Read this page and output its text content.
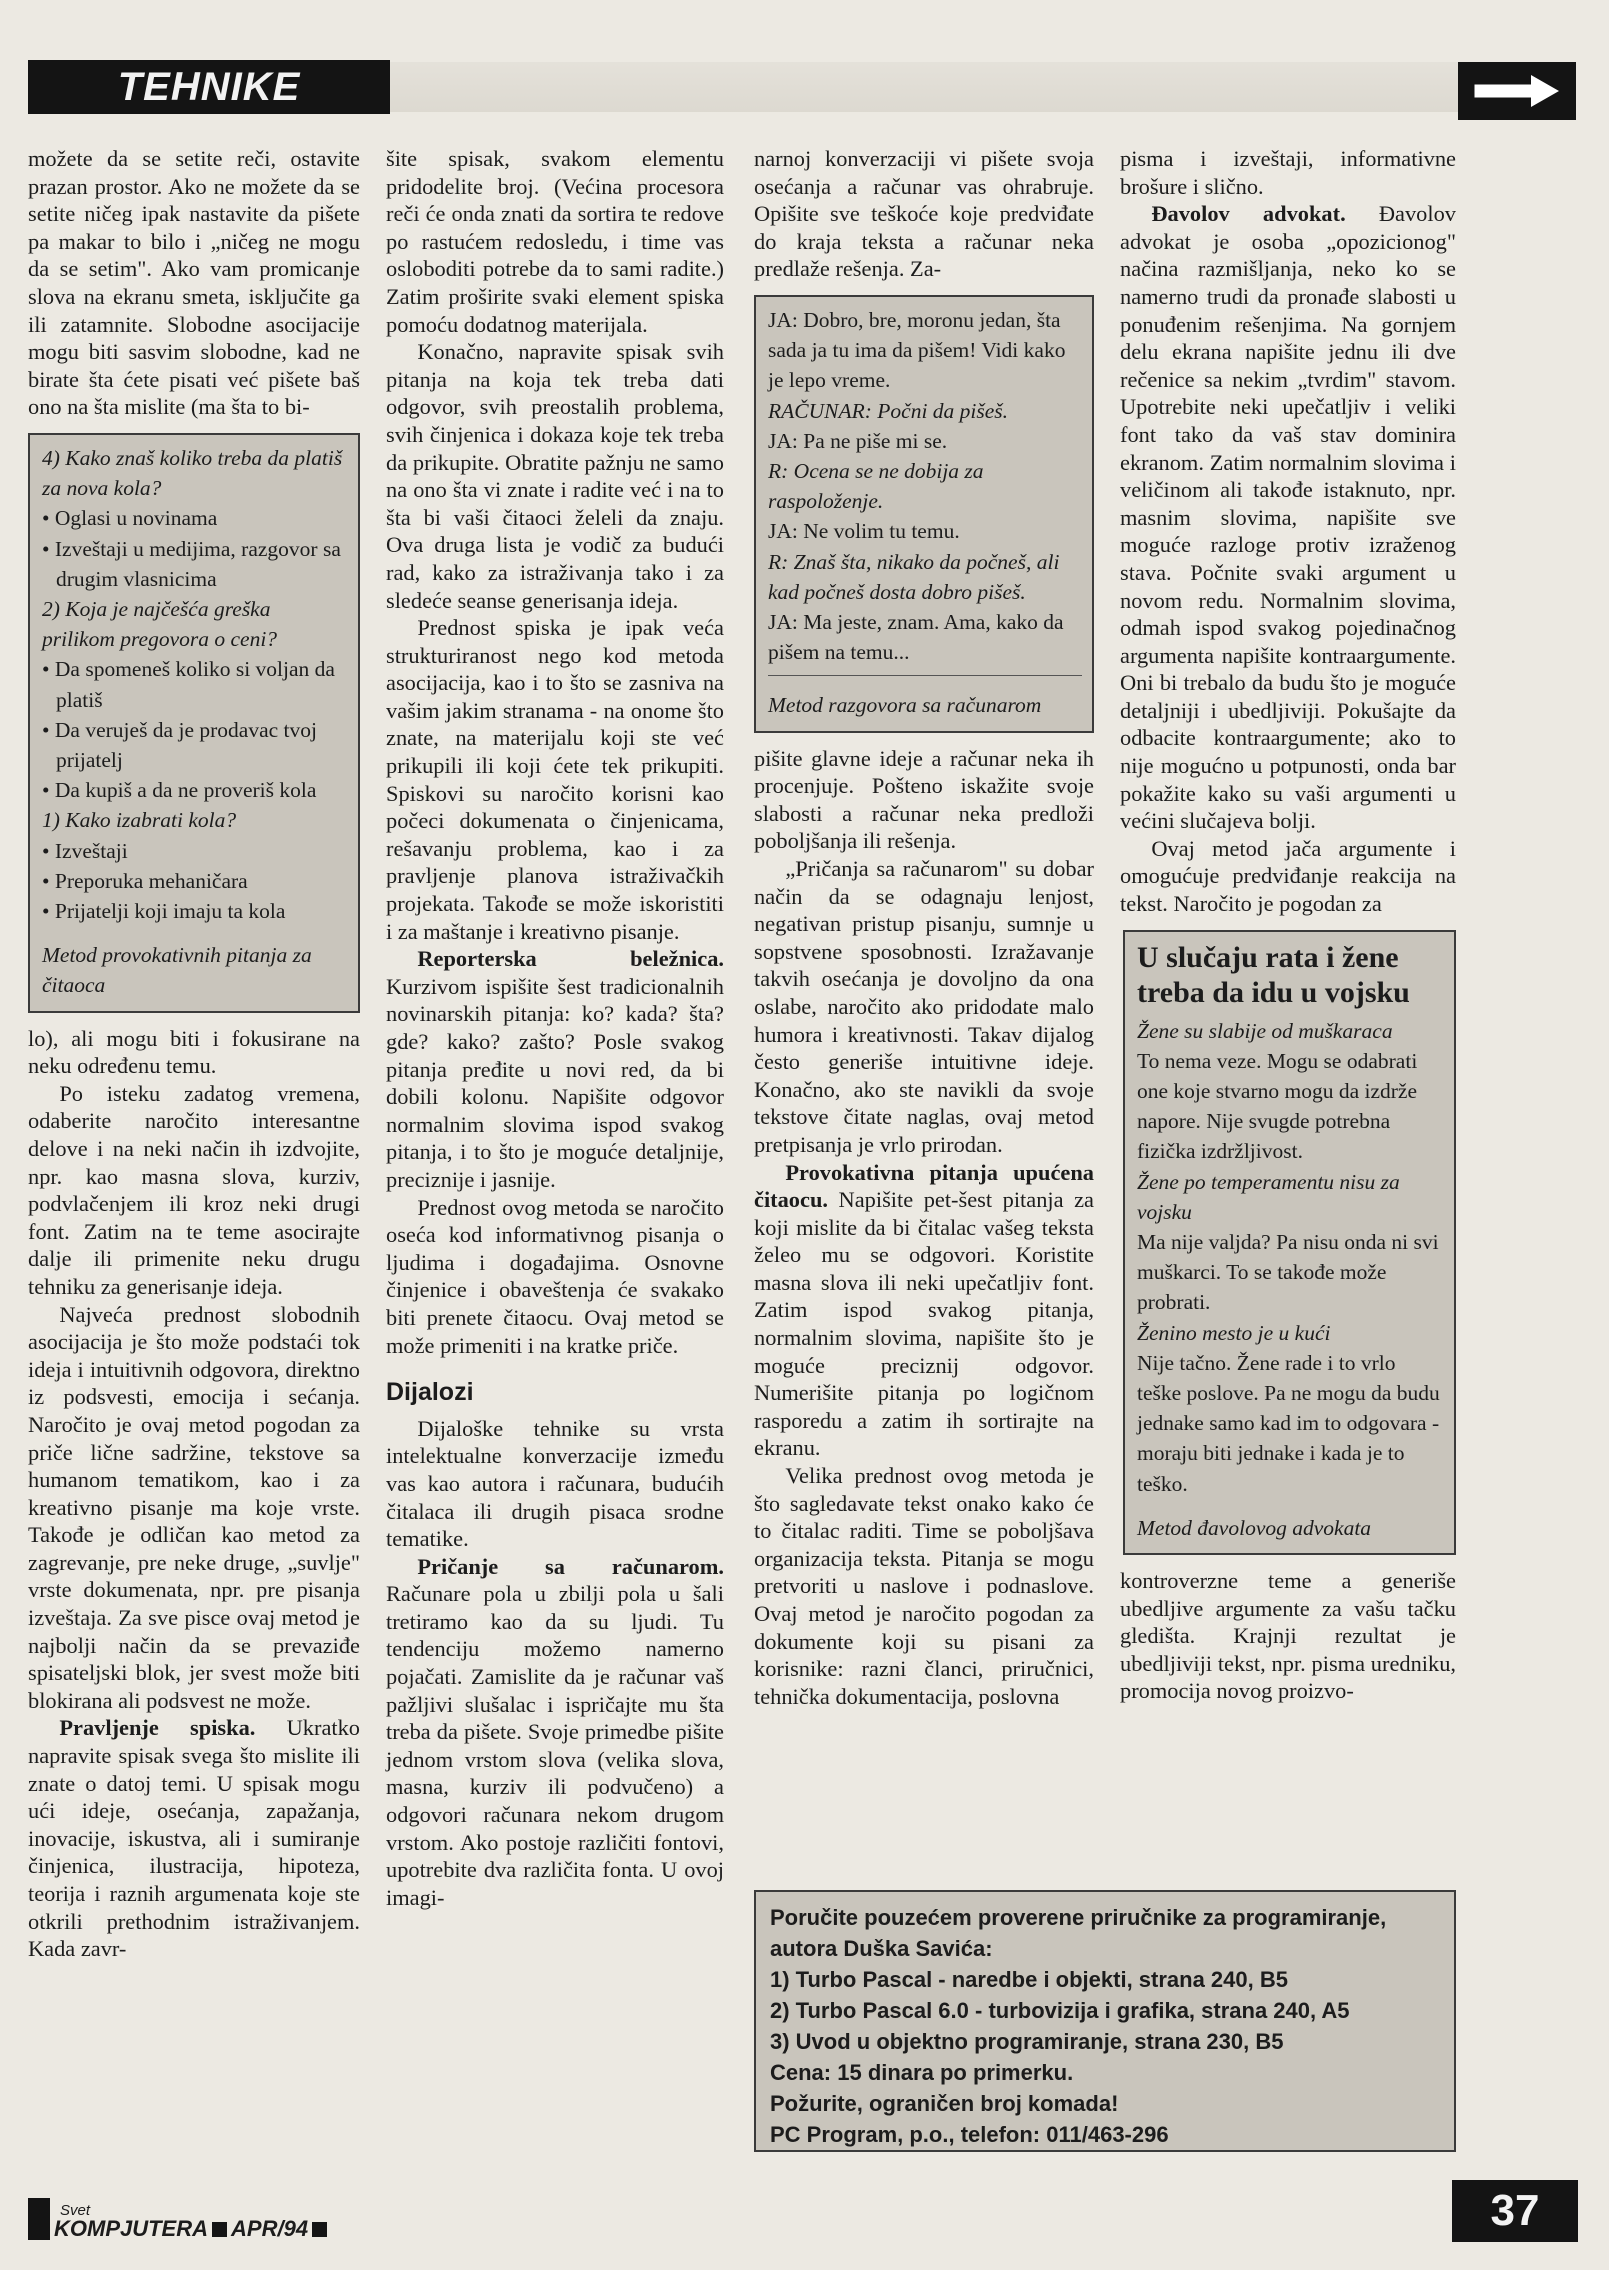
TEHNIKE

možete da se setite reči, ostavite prazan prostor. Ako ne možete da se setite ničeg ipak nastavite da pišete pa makar to bilo i „ničeg ne mogu da se setim". Ako vam promicanje slova na ekranu smeta, isključite ga ili zatamnite. Slobodne asocijacije mogu biti sasvim slobodne, kad ne birate šta ćete pisati već pišete baš ono na šta mislite (ma šta to bi-

4) Kako znaš koliko treba da platiš za nova kola?
• Oglasi u novinama
• Izveštaji u medijima, razgovor sa drugim vlasnicima
2) Koja je najčešća greška prilikom pregovora o ceni?
• Da spomeneš koliko si voljan da platiš
• Da veruješ da je prodavac tvoj prijatelj
• Da kupiš a da ne proveriš kola
1) Kako izabrati kola?
• Izveštaji
• Preporuka mehaničara
• Prijatelji koji imaju ta kola
Metod provokativnih pitanja za čitaoca

lo), ali mogu biti i fokusirane na neku određenu temu.

Po isteku zadatog vremena, odaberite naročito interesantne delove i na neki način ih izdvojite, npr. kao masna slova, kurziv, podvlačenjem ili kroz neki drugi font. Zatim na te teme asocirajte dalje ili primenite neku drugu tehniku za generisanje ideja.

Najveća prednost slobodnih asocijacija je što može podstaći tok ideja i intuitivnih odgovora, direktno iz podsvesti, emocija i sećanja. Naročito je ovaj metod pogodan za priče lične sadržine, tekstove sa humanom tematikom, kao i za kreativno pisanje ma koje vrste. Takođe je odličan kao metod za zagrevanje, pre neke druge, „suvlje" vrste dokumenata, npr. pre pisanja izveštaja. Za sve pisce ovaj metod je najbolji način da se prevaziđe spisateljski blok, jer svest može biti blokirana ali podsvest ne može.

Pravljenje spiska. Ukratko napravite spisak svega što mislite ili znate o datoj temi. U spisak mogu ući ideje, osećanja, zapažanja, inovacije, iskustva, ali i sumiranje činjenica, ilustracija, hipoteza, teorija i raznih argumenata koje ste otkrili prethodnim istraživanjem. Kada zavr-

šite spisak, svakom elementu pridodelite broj. (Većina procesora reči će onda znati da sortira te redove po rastućem redosledu, i time vas osloboditi potrebe da to sami radite.) Zatim proširite svaki element spiska pomoću dodatnog materijala.

Konačno, napravite spisak svih pitanja na koja tek treba dati odgovor, svih preostalih problema, svih činjenica i dokaza koje tek treba da prikupite. Obratite pažnju ne samo na ono šta vi znate i radite već i na to šta bi vaši čitaoci želeli da znaju. Ova druga lista je vodič za budući rad, kako za istraživanja tako i za sledeće seanse generisanja ideja.

Prednost spiska je ipak veća strukturiranost nego kod metoda asocijacija, kao i to što se zasniva na vašim jakim stranama - na onome što znate, na materijalu koji ste već prikupili ili koji ćete tek prikupiti. Spiskovi su naročito korisni kao počeci dokumenata o činjenicama, rešavanju problema, kao i za pravljenje planova istraživačkih projekata. Takođe se može iskoristiti i za maštanje i kreativno pisanje.

Reporterska beležnica. Kurzivom ispišite šest tradicionalnih novinarskih pitanja: ko? kada? šta? gde? kako? zašto? Posle svakog pitanja pređite u novi red, da bi dobili kolonu. Napišite odgovor normalnim slovima ispod svakog pitanja, i to što je moguće detaljnije, preciznije i jasnije.

Prednost ovog metoda se naročito oseća kod informativnog pisanja o ljudima i događajima. Osnovne činjenice i obaveštenja će svakako biti prenete čitaocu. Ovaj metod se može primeniti i na kratke priče.

Dijalozi

Dijaloške tehnike su vrsta intelektualne konverzacije između vas kao autora i računara, budućih čitalaca ili drugih pisaca srodne tematike.

Pričanje sa računarom. Računare pola u zbilji pola u šali tretiramo kao da su ljudi. Tu tendenciju možemo namerno pojačati. Zamislite da je računar vaš pažljivi slušalac i ispričajte mu šta treba da pišete. Svoje primedbe pišite jednom vrstom slova (velika slova, masna, kurziv ili podvučeno) a odgovori računara nekom drugom vrstom. Ako postoje različiti fontovi, upotrebite dva različita fonta. U ovoj imagi-

narnoj konverzaciji vi pišete svoja osećanja a računar vas ohrabruje. Opišite sve teškoće koje predviđate do kraja teksta a računar neka predlaže rešenja. Za-

JA: Dobro, bre, moronu jedan, šta sada ja tu ima da pišem! Vidi kako je lepo vreme.
RAČUNAR: Počni da pišeš.
JA: Pa ne piše mi se.
R: Ocena se ne dobija za raspoloženje.
JA: Ne volim tu temu.
R: Znaš šta, nikako da počneš, ali kad počneš dosta dobro pišeš.
JA: Ma jeste, znam. Ama, kako da pišem na temu...
Metod razgovora sa računarom

pišite glavne ideje a računar neka ih procenjuje. Pošteno iskažite svoje slabosti a računar neka predloži poboljšanja ili rešenja.

„Pričanja sa računarom" su dobar način da se odagnaju lenjost, negativan pristup pisanju, sumnje u sopstvene sposobnosti. Izražavanje takvih osećanja je dovoljno da ona oslabe, naročito ako pridodate malo humora i kreativnosti. Takav dijalog često generiše intuitivne ideje. Konačno, ako ste navikli da svoje tekstove čitate naglas, ovaj metod pretpisanja je vrlo prirodan.

Provokativna pitanja upućena čitaocu. Napišite pet-šest pitanja za koji mislite da bi čitalac vašeg teksta želeo mu se odgovori. Koristite masna slova ili neki upečatljiv font. Zatim ispod svakog pitanja, normalnim slovima, napišite što je moguće preciznij odgovor. Numerišite pitanja po logičnom rasporedu a zatim ih sortirajte na ekranu.

Velika prednost ovog metoda je što sagledavate tekst onako kako će to čitalac raditi. Time se poboljšava organizacija teksta. Pitanja se mogu pretvoriti u naslove i podnaslove. Ovaj metod je naročito pogodan za dokumente koji su pisani za korisnike: razni članci, priručnici, tehnička dokumentacija, poslovna

pisma i izveštaji, informativne brošure i slično.

Đavolov advokat. Đavolov advokat je osoba „opozicionog" načina razmišljanja, neko ko se namerno trudi da pronađe slabosti u ponuđenim rešenjima. Na gornjem delu ekrana napišite jednu ili dve rečenice sa nekim „tvrdim" stavom. Upotrebite neki upečatljiv i veliki font tako da vaš stav dominira ekranom. Zatim normalnim slovima i veličinom ali takođe istaknuto, npr. masnim slovima, napišite sve moguće razloge protiv izraženog stava. Počnite svaki argument u novom redu. Normalnim slovima, odmah ispod svakog pojedinačnog argumenta napišite kontraargumente. Oni bi trebalo da budu što je moguće detaljniji i ubedljiviji. Pokušajte da odbacite kontraargumente; ako to nije mogućno u potpunosti, onda bar pokažite kako su vaši argumenti u većini slučajeva bolji.

Ovaj metod jača argumente i omogućuje predviđanje reakcija na tekst. Naročito je pogodan za

U slučaju rata i žene treba da idu u vojsku
Žene su slabije od muškaraca
To nema veze. Mogu se odabrati one koje stvarno mogu da izdrže napore. Nije svugde potrebna fizička izdržljivost.
Žene po temperamentu nisu za vojsku
Ma nije valjda? Pa nisu onda ni svi muškarci. To se takođe može probrati.
Ženino mesto je u kući
Nije tačno. Žene rade i to vrlo teške poslove. Pa ne mogu da budu jednake samo kad im to odgovara - moraju biti jednake i kada je to teško.
Metod đavolovog advokata

kontroverzne teme a generiše ubedljive argumente za vašu tačku gledišta. Krajnji rezultat je ubedljiviji tekst, npr. pisma uredniku, promocija novog proizvo-

Poručite pouzećem proverene priručnike za programiranje, autora Duška Savića:
1) Turbo Pascal - naredbe i objekti, strana 240, B5
2) Turbo Pascal 6.0 - turbovizija i grafika, strana 240, A5
3) Uvod u objektno programiranje, strana 230, B5
Cena: 15 dinara po primerku.
Požurite, ograničen broj komada!
PC Program, p.o., telefon: 011/463-296
Svet
KOMPJUTERA APR/94	37
